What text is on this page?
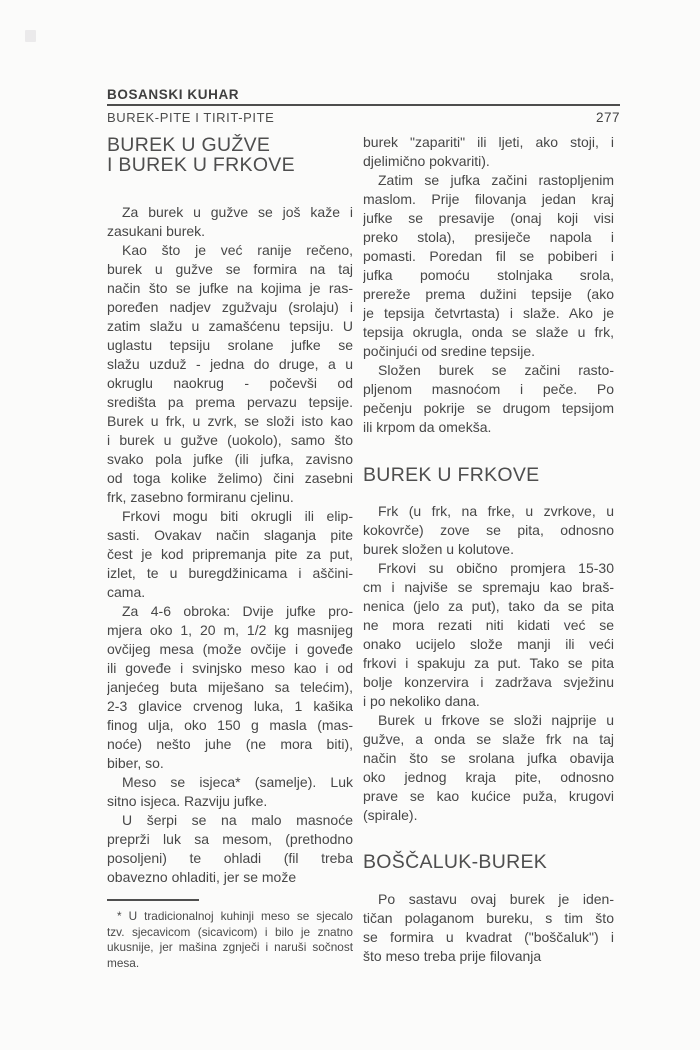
BOSANSKI KUHAR
BUREK-PITE I TIRIT-PITE	277
BUREK U GUŽVE
I BUREK U FRKOVE
Za burek u gužve se još kaže i
zasukani burek.
Kao što je već ranije rečeno,
burek u gužve se formira na taj
način što se jufke na kojima je ras-
poređen nadjev zgužvaju (srolaju) i
zatim slažu u zamašćenu tepsiju. U
uglastu tepsiju srolane jufke se
slažu uzduž - jedna do druge, a u
okruglu naokrug - počevši od
središta pa prema pervazu tepsije.
Burek u frk, u zvrk, se složi isto kao
i burek u gužve (uokolo), samo što
svako pola jufke (ili jufka, zavisno
od toga kolike želimo) čini zasebni
frk, zasebno formiranu cjelinu.
Frkovi mogu biti okrugli ili elip-
sasti. Ovakav način slaganja pite
čest je kod pripremanja pite za put,
izlet, te u buregdžinicama i aščini-
cama.
Za 4-6 obroka: Dvije jufke pro-
mjera oko 1, 20 m, 1/2 kg masnijeg
ovčijeg mesa (može ovčije i goveđe
ili goveđe i svinjsko meso kao i od
janjećeg buta miješano sa telećim),
2-3 glavice crvenog luka, 1 kašika
finog ulja, oko 150 g masla (mas-
noće) nešto juhe (ne mora biti),
biber, so.
Meso se isjeca* (samelje). Luk
sitno isjeca. Razviju jufke.
U šerpi se na malo masnoće
preprži luk sa mesom, (prethodno
posoljeni) te ohladi (fil treba
obavezno ohladiti, jer se može
* U tradicionalnoj kuhinji meso se sjecalo
tzv. sjecavicom (sicavicom) i bilo je znatno
ukusnije, jer mašina zgnječi i naruši sočnost
mesa.
burek "zapariti" ili ljeti, ako stoji, i
djelimično pokvariti).
Zatim se jufka začini rastopljenim
maslom. Prije filovanja jedan kraj
jufke se presavije (onaj koji visi
preko stola), presiječe napola i
pomasti. Poredan fil se pobiberi i
jufka pomoću stolnjaka srola,
prereže prema dužini tepsije (ako
je tepsija četvrtasta) i slaže. Ako je
tepsija okrugla, onda se slaže u frk,
počinjući od sredine tepsije.
Složen burek se začini rasto-
pljenom masnoćom i peče. Po
pečenju pokrije se drugom tepsijom
ili krpom da omekša.
BUREK U FRKOVE
Frk (u frk, na frke, u zvrkove, u
kokovrče) zove se pita, odnosno
burek složen u kolutove.
Frkovi su obično promjera 15-30
cm i najviše se spremaju kao braš-
nenica (jelo za put), tako da se pita
ne mora rezati niti kidati već se
onako ucijelo slože manji ili veći
frkovi i spakuju za put. Tako se pita
bolje konzervira i zadržava svježinu
i po nekoliko dana.
Burek u frkove se složi najprije u
gužve, a onda se slaže frk na taj
način što se srolana jufka obavija
oko jednog kraja pite, odnosno
prave se kao kućice puža, krugovi
(spirale).
BOŠČALUK-BUREK
Po sastavu ovaj burek je iden-
tičan polaganom bureku, s tim što
se formira u kvadrat ("boščaluk") i
što meso treba prije filovanja
